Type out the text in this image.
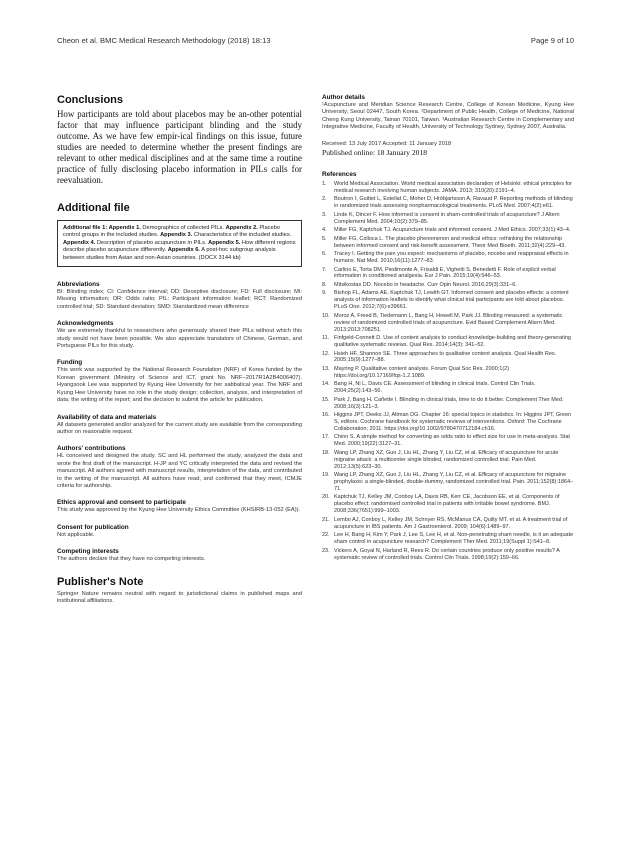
Cheon et al. BMC Medical Research Methodology (2018) 18:13	Page 9 of 10
Conclusions

How participants are told about placebos may be an-other potential factor that may influence participant blinding and the study outcome. As we have few empir-ical findings on this issue, future studies are needed to determine whether the present findings are relevant to other medical disciplines and at the same time a routine practice of fully disclosing placebo information in PILs calls for reevaluation.

Additional file
Additional file 1: Appendix 1. Demographics of collected PILs. Appendix 2. Placebo control groups in the included studies. Appendix 3. Characteristics of the included studies. Appendix 4. Description of placebo acupuncture in PILs. Appendix 5. How different regions describe placebo acupuncture differently. Appendix 6. A post-hoc subgroup analysis between studies from Asian and non-Asian countries. (DOCX 3144 kb)

Abbreviations

BI: Blinding index; CI: Confidence interval; DD: Deceptive disclosure; FD: Full disclosure; MI: Missing information; OR: Odds ratio; PIL: Participant information leaflet; RCT: Randomized controlled trial; SD: Standard deviation; SMD: Standardized mean difference

Acknowledgments

We are extremely thankful to researchers who generously shared their PILs without which this study would not have been possible. We also appreciate translators of Chinese, German, and Portuguese PILs for this study.

Funding

This work was supported by the National Research Foundation (NRF) of Korea funded by the Korean government (Ministry of Science and ICT, grant No. NRF−2017R1A2B4006407). Hyangsook Lee was supported by Kyung Hee University for her sabbatical year. The NRF and Kyung Hee University have no role in the study design; collection, analysis, and interpretation of data; the writing of the report; and the decision to submit the article for publication.

Availability of data and materials

All datasets generated and/or analyzed for the current study are available from the corresponding author on reasonable request.

Authors' contributions

HL conceived and designed the study. SC and HL performed the study, analyzed the data and wrote the first draft of the manuscript. H-JP and YC critically interpreted the data and revised the manuscript. All authors agreed with manuscript results, interpretation of the data, and contributed to the writing of the manuscript. All authors have read, and confirmed that they meet, ICMJE criteria for authorship.

Ethics approval and consent to participate

This study was approved by the Kyung Hee University Ethics Committee (KHSIRB-13-052 (EA)).

Consent for publication

Not applicable.

Competing interests

The authors declare that they have no competing interests.

Publisher's Note

Springer Nature remains neutral with regard to jurisdictional claims in published maps and institutional affiliations.

Author details

¹Acupuncture and Meridian Science Research Centre, College of Korean Medicine, Kyung Hee University, Seoul 02447, South Korea. ²Department of Public Health, College of Medicine, National Cheng Kung University, Tainan 70101, Taiwan. ³Australian Research Centre in Complementary and Integrative Medicine, Faculty of Health, University of Technology Sydney, Sydney 2007, Australia.

Received: 13 July 2017 Accepted: 11 January 2018

Published online: 18 January 2018

References

1.	World Medical Association. World medical association declaration of Helsinki: ethical principles for medical research involving human subjects. JAMA. 2013; 310(20):2191–4.
2.	Boutron I, Guittet L, Estellat C, Moher D, Hróbjartsson A, Ravaud P. Reporting methods of blinding in randomized trials assessing nonpharmacological treatments. PLoS Med. 2007;4(2):e61.
3.	Linde K, Dincer F. How informed is consent in sham-controlled trials of acupuncture? J Altern Complement Med. 2004;10(2):379–85.
4.	Miller FG, Kaptchuk TJ. Acupuncture trials and informed consent. J Med Ethics. 2007;33(1):43–4.
5.	Miller FG, Colloca L. The placebo phenomenon and medical ethics: rethinking the relationship between informed consent and risk-benefit assessment. Theor Med Bioeth. 2011;32(4):229–43.
6.	Tracey I. Getting the pain you expect: mechanisms of placebo, nocebo and reappraisal effects in humans. Nat Med. 2010;16(11):1277–83.
7.	Carlino E, Torta DM, Piedimonte A, Frisaldi E, Vighetti S, Benedetti F. Role of explicit verbal information in conditioned analgesia. Eur J Pain. 2015;19(4):546–53.
8.	Mitsikostas DD. Nocebo in headache. Curr Opin Neurol. 2016;29(3):331–6.
9.	Bishop FL, Adams AE, Kaptchuk TJ, Lewith GT. Informed consent and placebo effects: a content analysis of information leaflets to identify what clinical trial participants are told about placebos. PLoS One. 2012;7(6):e39661.
10. Moroz A, Freed B, Tiedemann L, Bang H, Howell M, Park JJ. Blinding measured: a systematic review of randomized controlled trials of acupuncture. Evid Based Complement Altern Med. 2013;2013:708251.
11. Finfgeld-Connett D. Use of content analysis to conduct knowledge-building and theory-generating qualitative systematic reviews. Qual Res. 2014;14(3): 341–52.
12. Hsieh HF, Shannon SE. Three approaches to qualitative content analysis. Qual Health Res. 2005;15(9):1277–88.
13. Mayring P. Qualitative content analysis. Forum Qual Soc Res. 2000;1(2) https://doi.org/10.17169/fqs-1.2.1089.
14. Bang H, Ni L, Davis CE. Assessment of blinding in clinical trials. Control Clin Trials. 2004;25(2):143–56.
15. Park J, Bang H, Cañette I. Blinding in clinical trials, time to do it better. Complement Ther Med. 2008;16(3):121–3.
16. Higgins JPT, Deeks JJ, Altman DG. Chapter 16: special topics in statistics. In: Higgins JPT, Green S, editors. Cochrane handbook for systematic reviews of interventions. Oxford: The Cochrane Collaboration; 2011. https://doi.org/10.1002/9780470712184.ch16.
17. Chinn S. A simple method for converting an odds ratio to effect size for use in meta-analysis. Stat Med. 2000;19(22):3127–31.
18. Wang LP, Zhang XZ, Guo J, Liu HL, Zhang Y, Liu CZ, et al. Efficacy of acupuncture for acute migraine attack: a multicenter single blinded, randomized controlled trial. Pain Med. 2012;13(5):623–30.
19. Wang LP, Zhang XZ, Guo J, Liu HL, Zhang Y, Liu CZ, et al. Efficacy of acupuncture for migraine prophylaxis: a single-blinded, double-dummy, randomized controlled trial. Pain. 2011;152(8):1864–71.
20. Kaptchuk TJ, Kelley JM, Conboy LA, Davis RB, Kerr CE, Jacobson EE, et al. Components of placebo effect: randomised controlled trial in patients with irritable bowel syndrome. BMJ. 2008;336(7651):999–1003.
21. Lembo AJ, Conboy L, Kelley JM, Schnyer RS, McManus CA, Quilty MT, et al. A treatment trial of acupuncture in IBS patients. Am J Gastroenterol. 2009; 104(6):1489–97.
22. Lee H, Bang H, Kim Y, Park J, Lee S, Lee H, et al. Non-penetrating sham needle, is it an adequate sham control in acupuncture research? Complement Ther Med. 2011;19(Suppl 1):S41–8.
23. Vickers A, Goyal N, Harland R, Rees R. Do certain countries produce only positive results? A systematic review of controlled trials. Control Clin Trials. 1998;19(2):159–66.
